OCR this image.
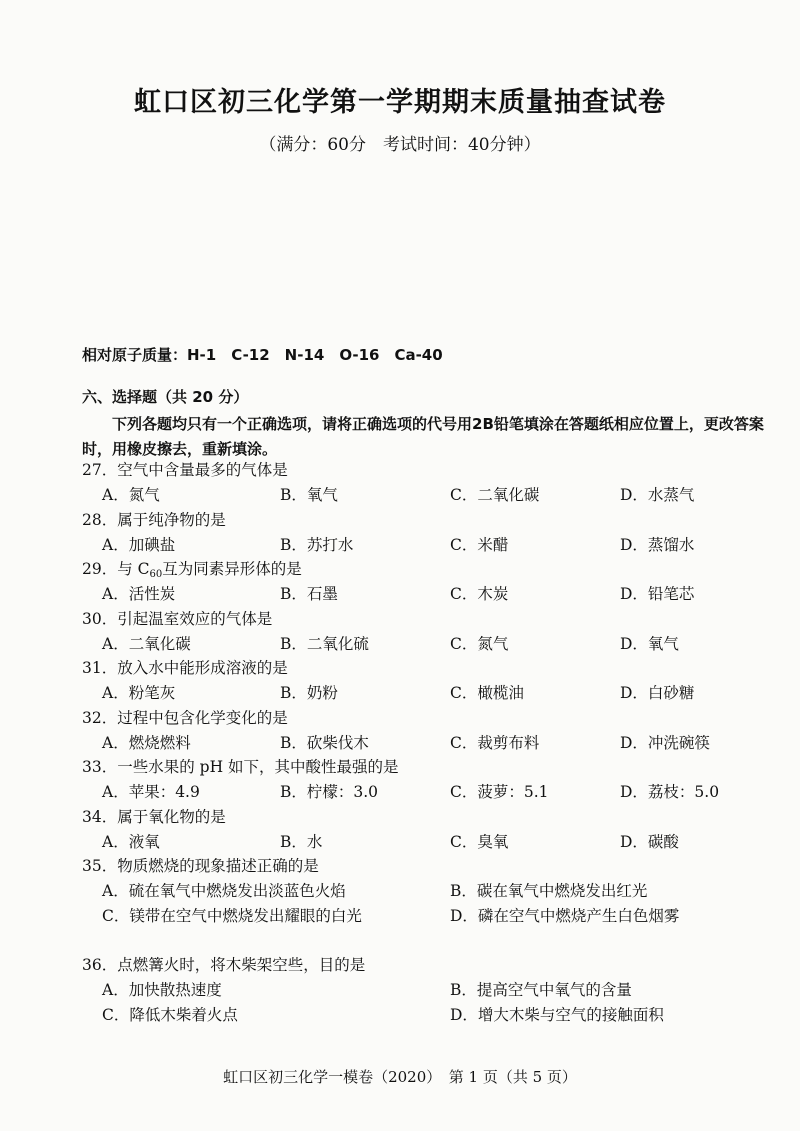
虹口区初三化学第一学期期末质量抽查试卷
（满分：60分　考试时间：40分钟）
相对原子质量：H-1　C-12　N-14　O-16　Ca-40
六、选择题（共 20 分）
下列各题均只有一个正确选项，请将正确选项的代号用2B铅笔填涂在答题纸相应位置上，更改答案时，用橡皮擦去，重新填涂。
27．空气中含量最多的气体是
A．氮气	B．氧气	C．二氧化碳	D．水蒸气
28．属于纯净物的是
A．加碘盐	B．苏打水	C．米醋	D．蒸馏水
29．与 $C_{60}$互为同素异形体的是
A．活性炭	B．石墨	C．木炭	D．铅笔芯
30．引起温室效应的气体是
A．二氧化碳	B．二氧化硫	C．氮气	D．氧气
31．放入水中能形成溶液的是
A．粉笔灰	B．奶粉	C．橄榄油	D．白砂糖
32．过程中包含化学变化的是
A．燃烧燃料	B．砍柴伐木	C．裁剪布料	D．冲洗碗筷
33．一些水果的 pH 如下，其中酸性最强的是
A．苹果：4.9	B．柠檬：3.0	C．菠萝：5.1	D．荔枝：5.0
34．属于氧化物的是
A．液氧	B．水	C．臭氧	D．碳酸
35．物质燃烧的现象描述正确的是
A．硫在氧气中燃烧发出淡蓝色火焰	B．碳在氧气中燃烧发出红光
C．镁带在空气中燃烧发出耀眼的白光	D．磷在空气中燃烧产生白色烟雾
36．点燃篝火时，将木柴架空些，目的是
A．加快散热速度	B．提高空气中氧气的含量
C．降低木柴着火点	D．增大木柴与空气的接触面积
虹口区初三化学一模卷（2020）　第 1 页（共 5 页）
